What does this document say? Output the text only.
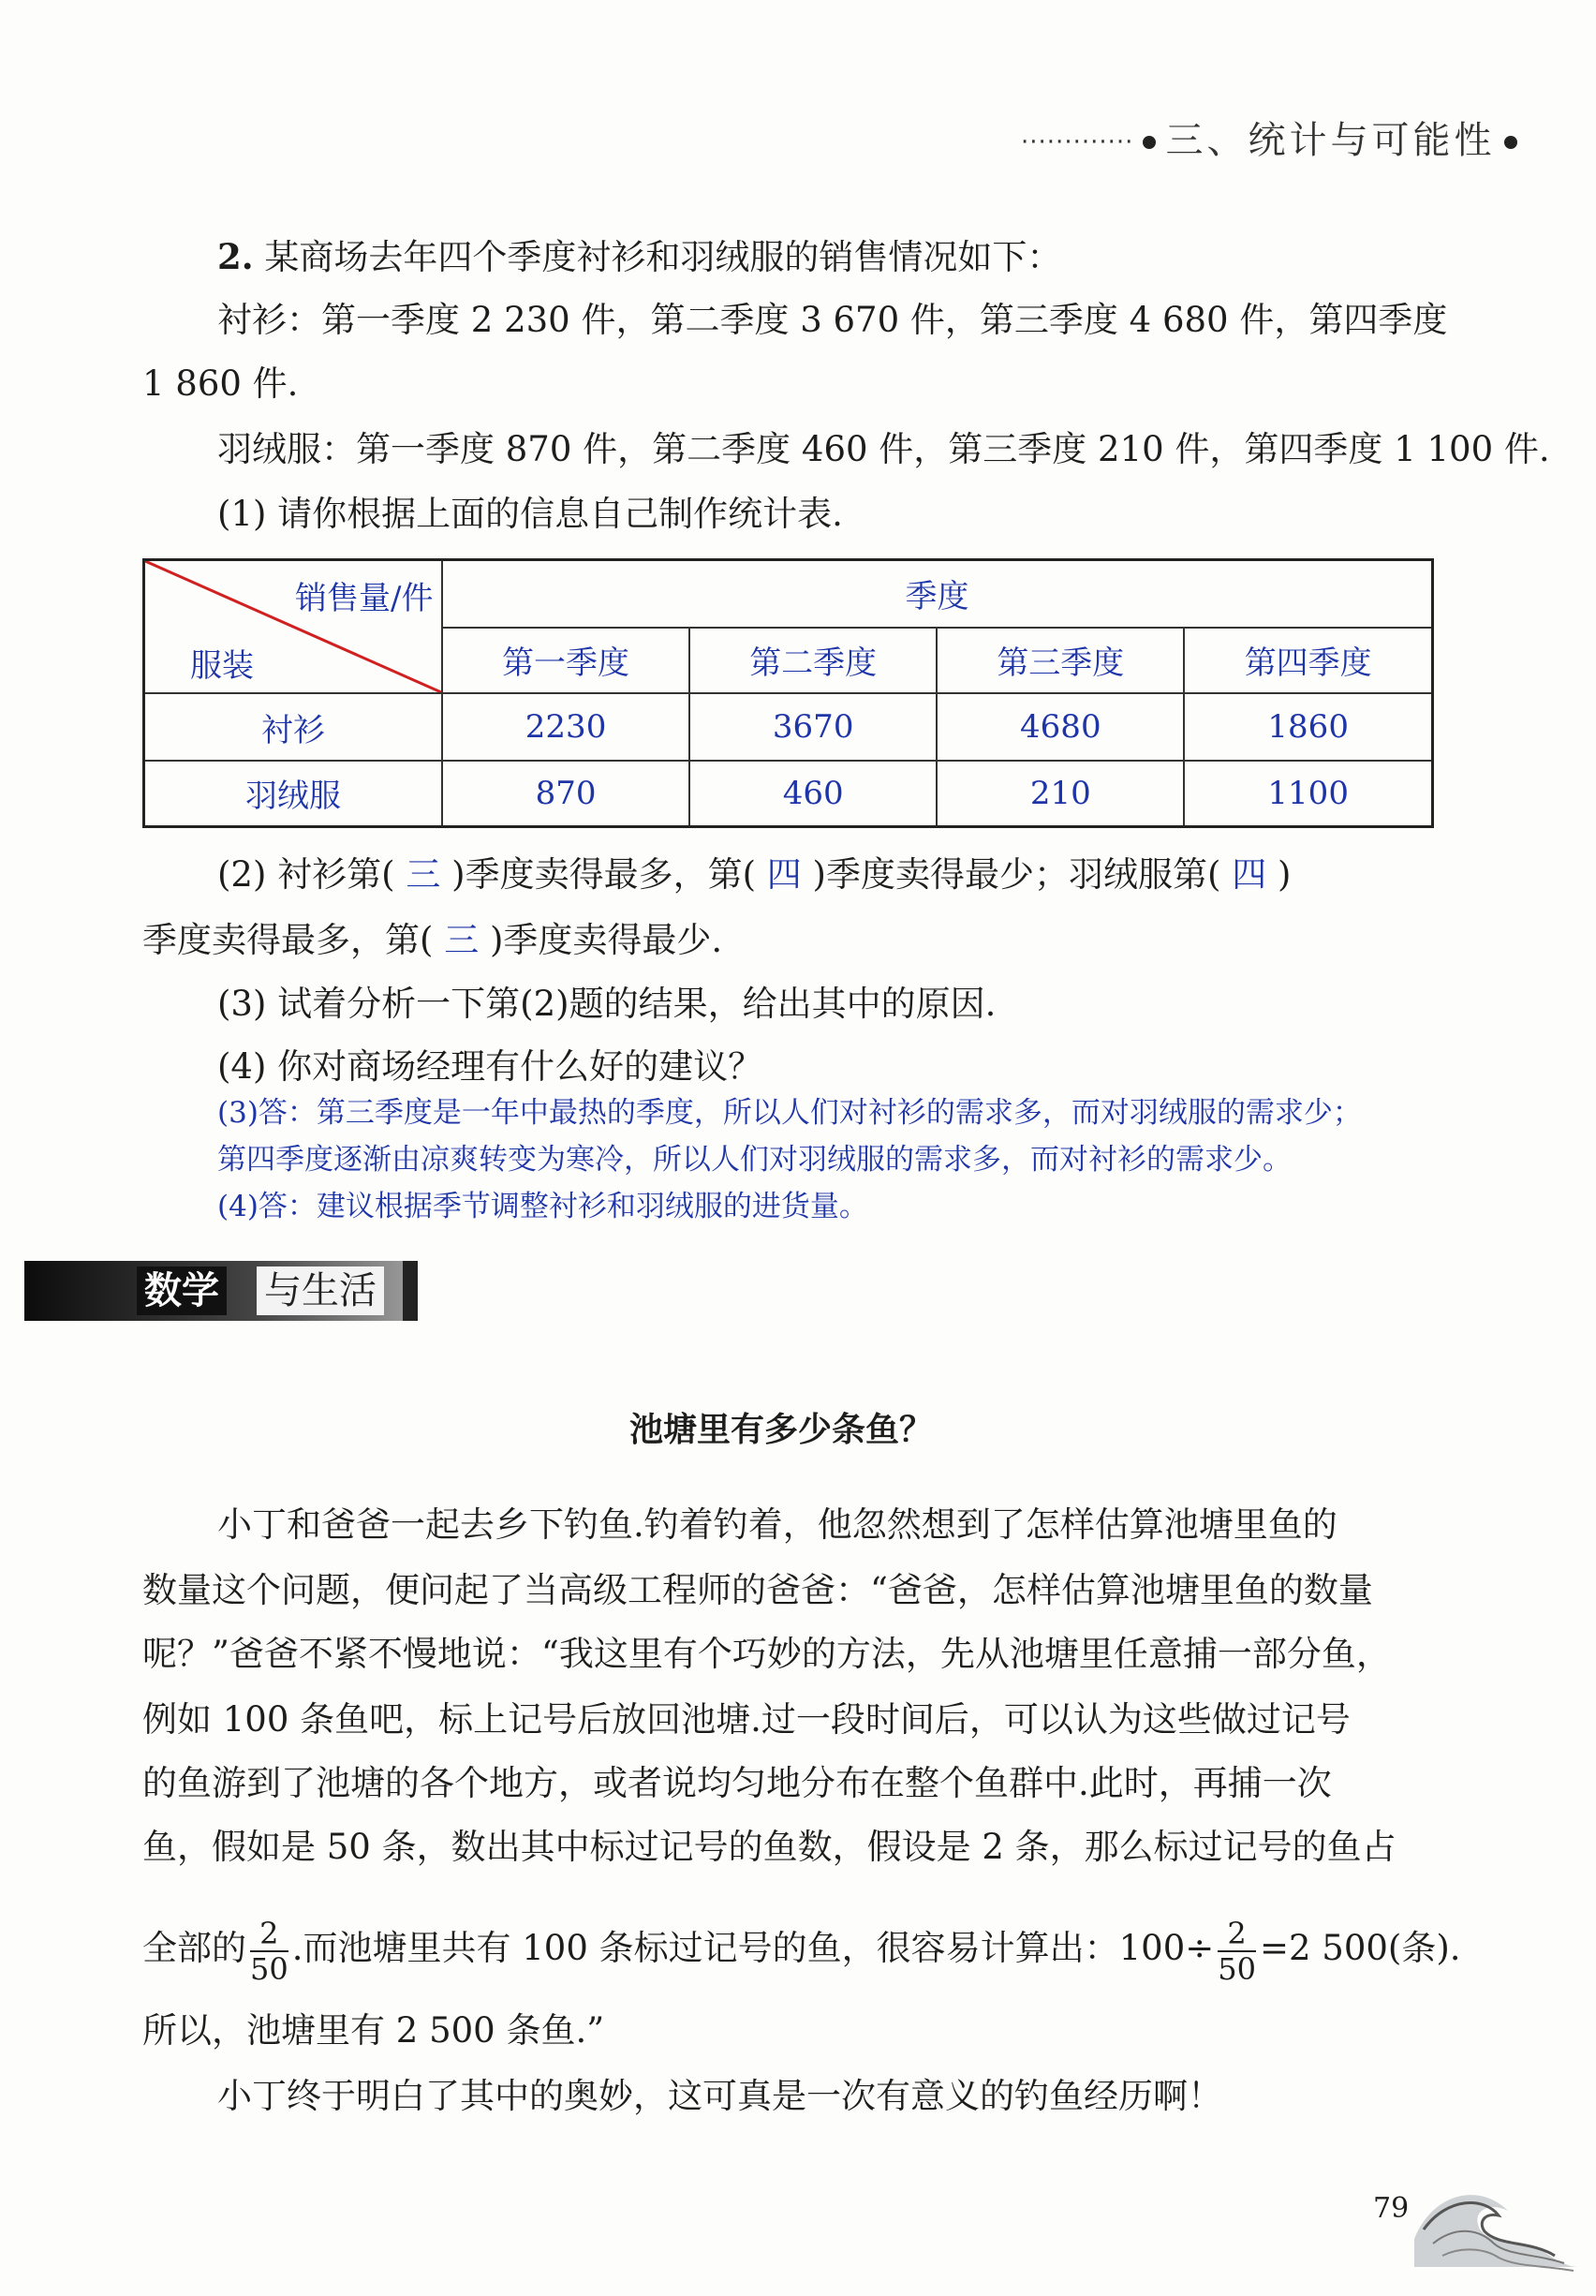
············· 三、统计与可能性
2. 某商场去年四个季度衬衫和羽绒服的销售情况如下：
衬衫：第一季度 2 230 件，第二季度 3 670 件，第三季度 4 680 件，第四季度
1 860 件.
羽绒服：第一季度 870 件，第二季度 460 件，第三季度 210 件，第四季度 1 100 件.
(1) 请你根据上面的信息自己制作统计表.
销售量/件
服装	季度			
	第一季度	第二季度	第三季度	第四季度
衬衫	2230	3670	4680	1860
羽绒服	870	460	210	1100
(2) 衬衫第( 三 )季度卖得最多，第( 四 )季度卖得最少；羽绒服第( 四 )
季度卖得最多，第( 三 )季度卖得最少.
(3) 试着分析一下第(2)题的结果，给出其中的原因.
(4) 你对商场经理有什么好的建议？
(3)答：第三季度是一年中最热的季度，所以人们对衬衫的需求多，而对羽绒服的需求少；
第四季度逐渐由凉爽转变为寒冷，所以人们对羽绒服的需求多，而对衬衫的需求少。
(4)答：建议根据季节调整衬衫和羽绒服的进货量。
数学 与生活
池塘里有多少条鱼？
小丁和爸爸一起去乡下钓鱼.钓着钓着，他忽然想到了怎样估算池塘里鱼的
数量这个问题，便问起了当高级工程师的爸爸：“爸爸，怎样估算池塘里鱼的数量
呢？”爸爸不紧不慢地说：“我这里有个巧妙的方法，先从池塘里任意捕一部分鱼，
例如 100 条鱼吧，标上记号后放回池塘.过一段时间后，可以认为这些做过记号
的鱼游到了池塘的各个地方，或者说均匀地分布在整个鱼群中.此时，再捕一次
鱼，假如是 50 条，数出其中标过记号的鱼数，假设是 2 条，那么标过记号的鱼占
全部的 $\frac{2}{50}$ .而池塘里共有 100 条标过记号的鱼，很容易计算出：$100\div \frac{2}{50} =2$ 500(条).
所以，池塘里有 2 500 条鱼.”
小丁终于明白了其中的奥妙，这可真是一次有意义的钓鱼经历啊！
79
